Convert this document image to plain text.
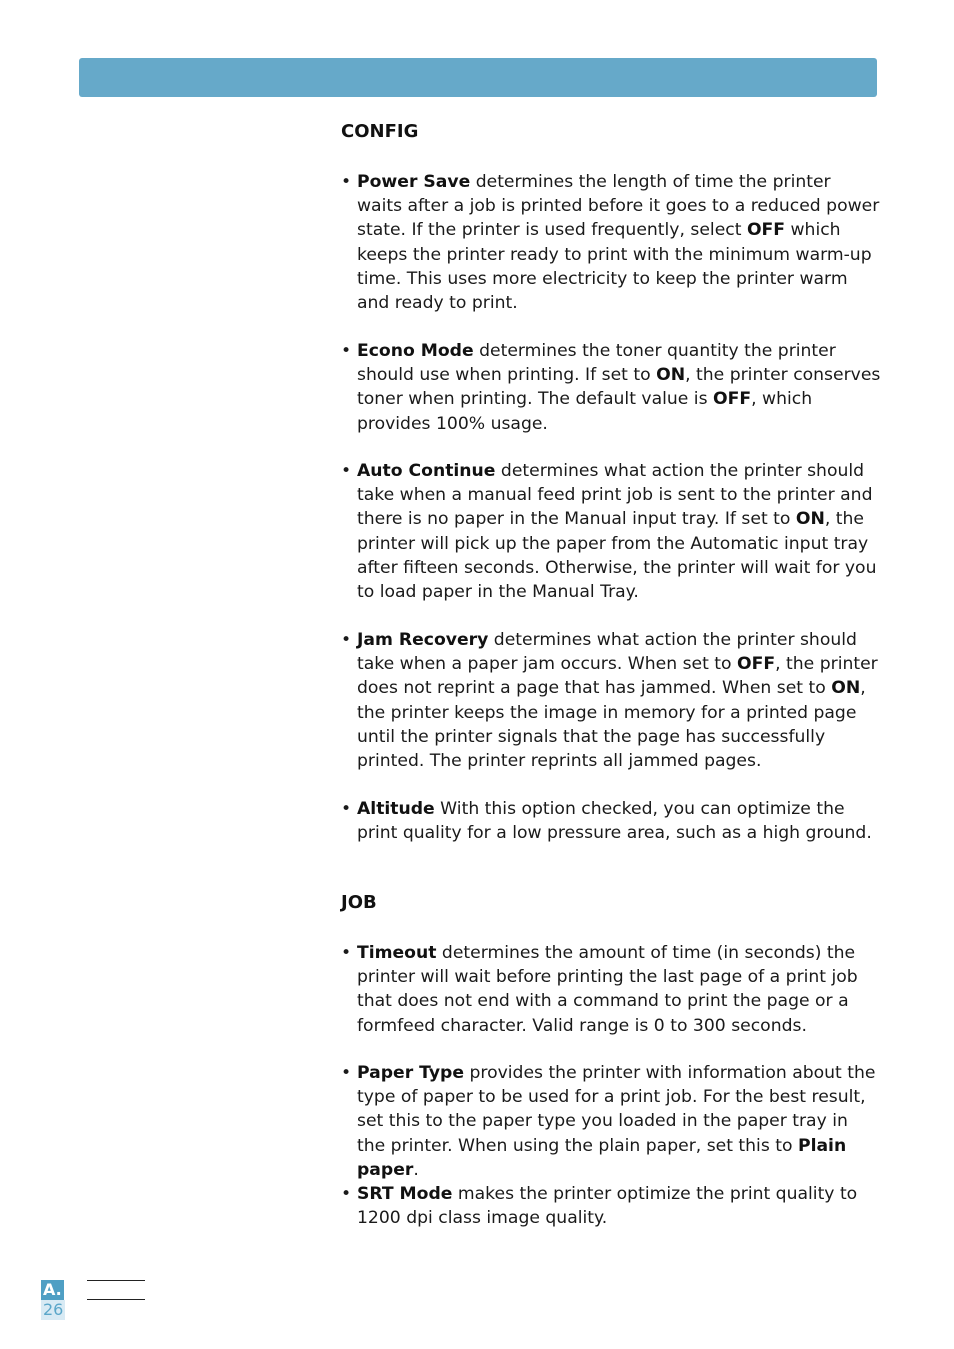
CONFIG
• Power Save determines the length of time the printer waits after a job is printed before it goes to a reduced power state. If the printer is used frequently, select OFF which keeps the printer ready to print with the minimum warm-up time. This uses more electricity to keep the printer warm and ready to print.
• Econo Mode determines the toner quantity the printer should use when printing. If set to ON, the printer conserves toner when printing. The default value is OFF, which provides 100% usage.
• Auto Continue determines what action the printer should take when a manual feed print job is sent to the printer and there is no paper in the Manual input tray. If set to ON, the printer will pick up the paper from the Automatic input tray after fifteen seconds. Otherwise, the printer will wait for you to load paper in the Manual Tray.
• Jam Recovery determines what action the printer should take when a paper jam occurs. When set to OFF, the printer does not reprint a page that has jammed. When set to ON, the printer keeps the image in memory for a printed page until the printer signals that the page has successfully printed. The printer reprints all jammed pages.
• Altitude With this option checked, you can optimize the print quality for a low pressure area, such as a high ground.
JOB
• Timeout determines the amount of time (in seconds) the printer will wait before printing the last page of a print job that does not end with a command to print the page or a formfeed character. Valid range is 0 to 300 seconds.
• Paper Type provides the printer with information about the type of paper to be used for a print job. For the best result, set this to the paper type you loaded in the paper tray in the printer. When using the plain paper, set this to Plain paper.
• SRT Mode makes the printer optimize the print quality to 1200 dpi class image quality.
A.26
